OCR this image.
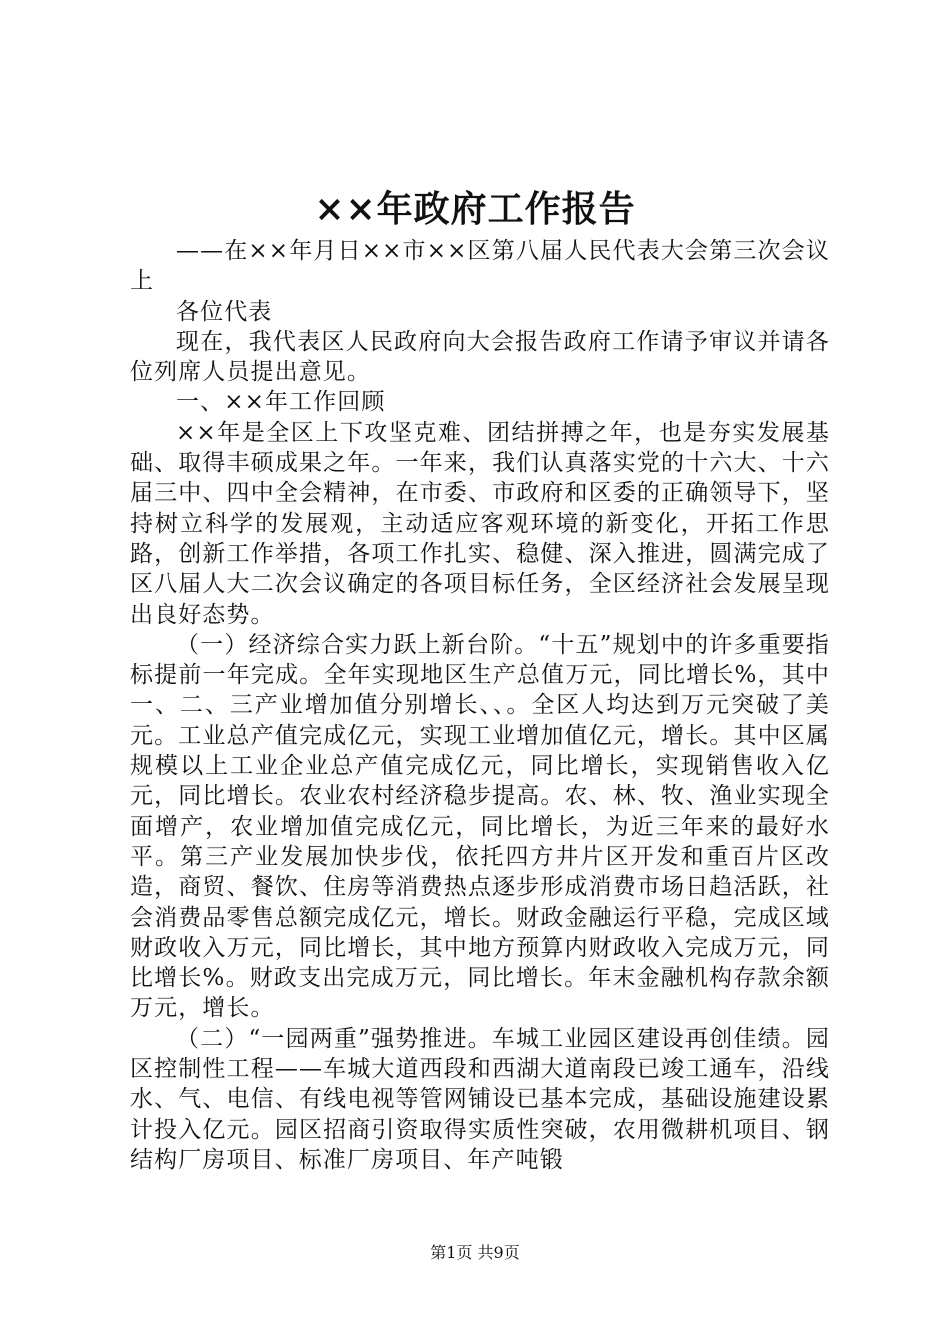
××年政府工作报告

——在××年月日××市××区第八届人民代表大会第三次会议上

各位代表

现在，我代表区人民政府向大会报告政府工作请予审议并请各位列席人员提出意见。

一、××年工作回顾

××年是全区上下攻坚克难、团结拼搏之年，也是夯实发展基础、取得丰硕成果之年。一年来，我们认真落实党的十六大、十六届三中、四中全会精神，在市委、市政府和区委的正确领导下，坚持树立科学的发展观，主动适应客观环境的新变化，开拓工作思路，创新工作举措，各项工作扎实、稳健、深入推进，圆满完成了区八届人大二次会议确定的各项目标任务，全区经济社会发展呈现出良好态势。

（一）经济综合实力跃上新台阶。“十五”规划中的许多重要指标提前一年完成。全年实现地区生产总值万元，同比增长%，其中一、二、三产业增加值分别增长、、。全区人均达到万元突破了美元。工业总产值完成亿元，实现工业增加值亿元，增长。其中区属规模以上工业企业总产值完成亿元，同比增长，实现销售收入亿元，同比增长。农业农村经济稳步提高。农、林、牧、渔业实现全面增产，农业增加值完成亿元，同比增长，为近三年来的最好水平。第三产业发展加快步伐，依托四方井片区开发和重百片区改造，商贸、餐饮、住房等消费热点逐步形成消费市场日趋活跃，社会消费品零售总额完成亿元，增长。财政金融运行平稳，完成区域财政收入万元，同比增长，其中地方预算内财政收入完成万元，同比增长%。财政支出完成万元，同比增长。年末金融机构存款余额万元，增长。

（二）“一园两重”强势推进。车城工业园区建设再创佳绩。园区控制性工程——车城大道西段和西湖大道南段已竣工通车，沿线水、气、电信、有线电视等管网铺设已基本完成，基础设施建设累计投入亿元。园区招商引资取得实质性突破，农用微耕机项目、钢结构厂房项目、标准厂房项目、年产吨锻

第1页 共9页
